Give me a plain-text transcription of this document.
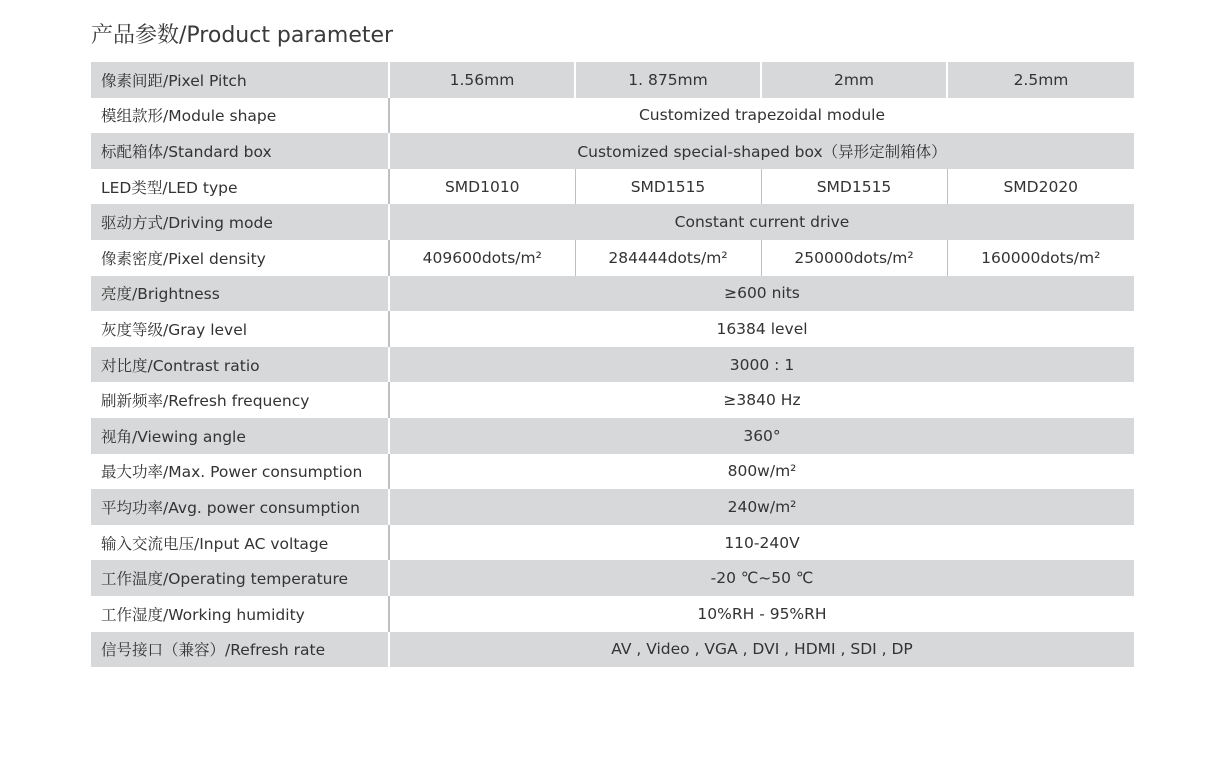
产品参数/Product parameter
像素间距/Pixel Pitch	1.56mm	1. 875mm	2mm	2.5mm
模组款形/Module shape	Customized trapezoidal module			
标配箱体/Standard box	Customized special-shaped box（异形定制箱体）			
LED类型/LED type	SMD1010	SMD1515	SMD1515	SMD2020
驱动方式/Driving mode	Constant current drive			
像素密度/Pixel density	409600dots/m²	284444dots/m²	250000dots/m²	160000dots/m²
亮度/Brightness	≥600 nits			
灰度等级/Gray level	16384 level			
对比度/Contrast ratio	3000 : 1			
刷新频率/Refresh frequency	≥3840 Hz			
视角/Viewing angle	360°			
最大功率/Max. Power consumption	800w/m²			
平均功率/Avg. power consumption	240w/m²			
输入交流电压/Input AC voltage	110-240V			
工作温度/Operating temperature	-20 ℃~50 ℃			
工作湿度/Working humidity	10%RH - 95%RH			
信号接口（兼容）/Refresh rate	AV , Video , VGA , DVI , HDMI , SDI , DP			
